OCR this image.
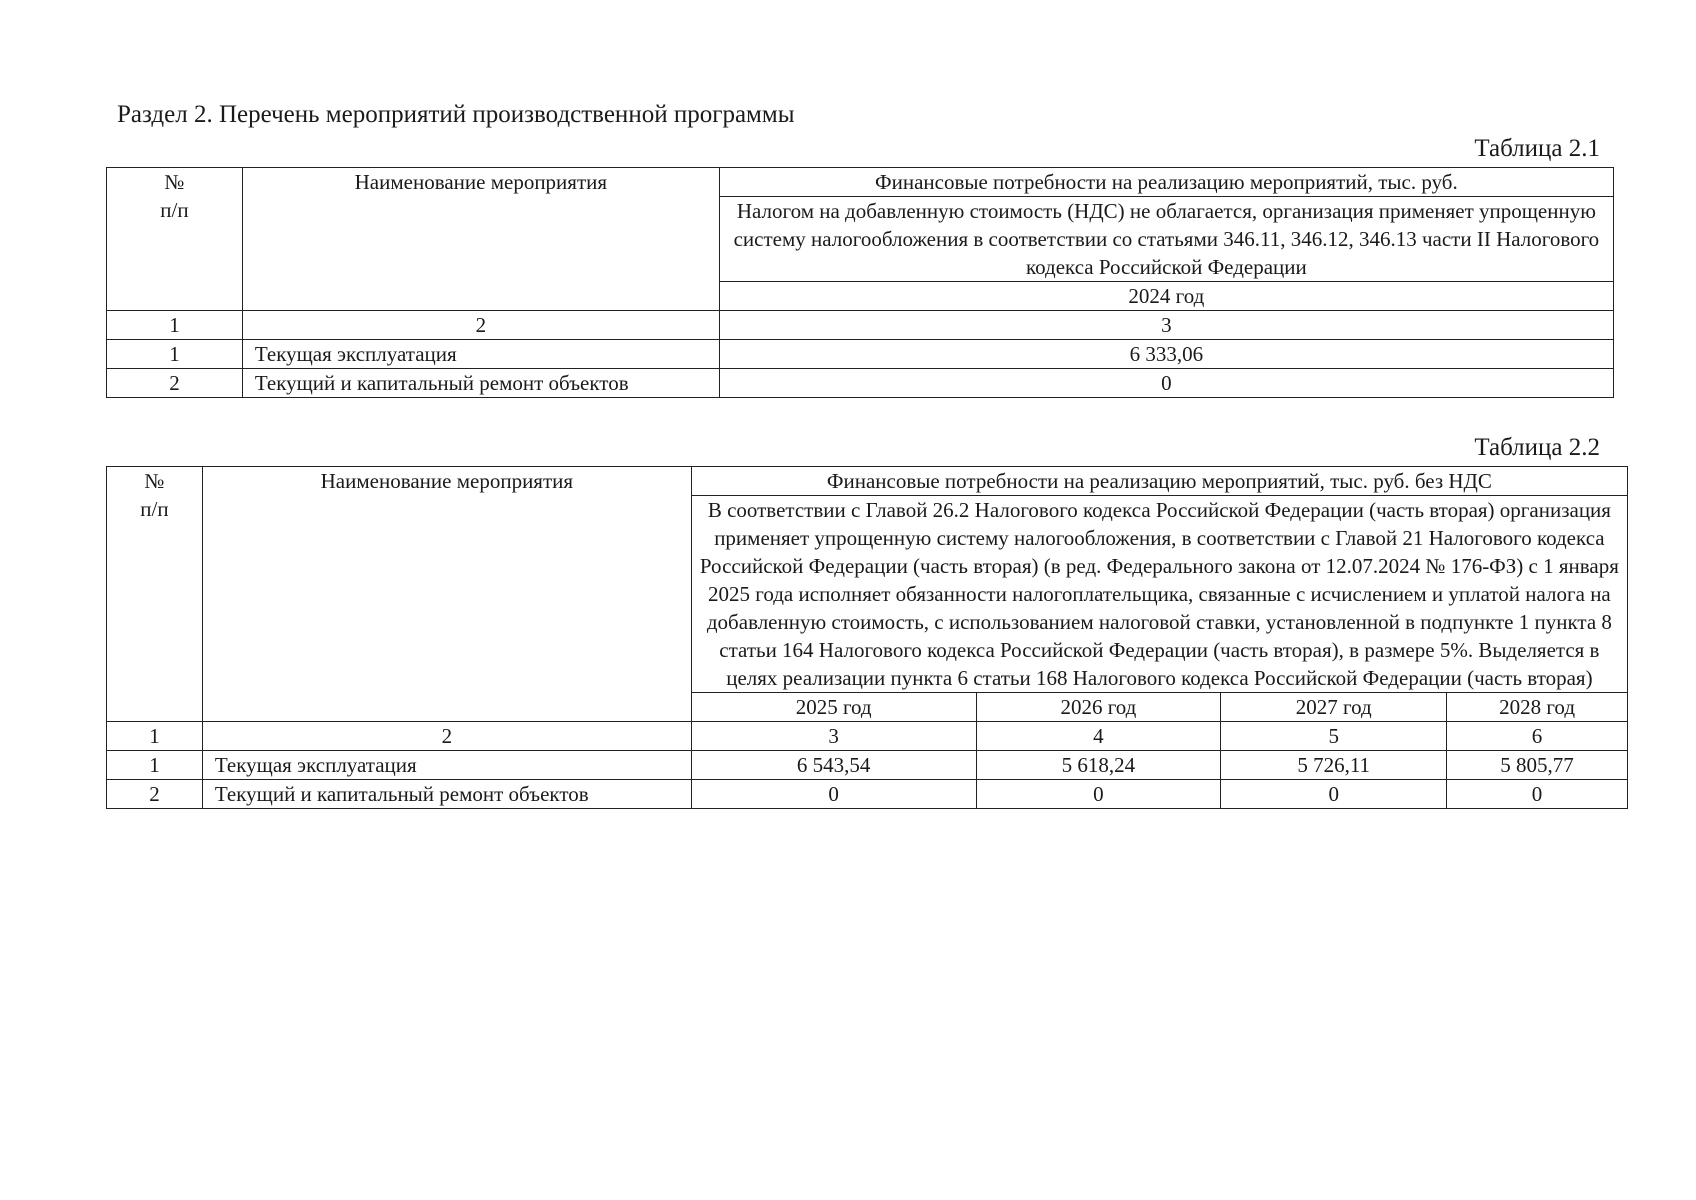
Раздел 2. Перечень мероприятий производственной программы

Таблица 2.1

№
п/п	Наименование мероприятия	Финансовые потребности на реализацию мероприятий, тыс. руб.
		Налогом на добавленную стоимость (НДС) не облагается, организация применяет упрощенную систему налогообложения в соответствии со статьями 346.11, 346.12, 346.13 части II Налогового кодекса Российской Федерации
		2024 год
1	2	3
1	Текущая эксплуатация	6 333,06
2	Текущий и капитальный ремонт объектов	0

Таблица 2.2

№
п/п	Наименование мероприятия	Финансовые потребности на реализацию мероприятий, тыс. руб. без НДС			
		В соответствии с Главой 26.2 Налогового кодекса Российской Федерации (часть вторая) организация применяет упрощенную систему налогообложения, в соответствии с Главой 21 Налогового кодекса Российской Федерации (часть вторая) (в ред. Федерального закона от 12.07.2024 № 176-ФЗ) с 1 января 2025 года исполняет обязанности налогоплательщика, связанные с исчислением и уплатой налога на добавленную стоимость, с использованием налоговой ставки, установленной в подпункте 1 пункта 8 статьи 164 Налогового кодекса Российской Федерации (часть вторая), в размере 5%. Выделяется в целях реализации пункта 6 статьи 168 Налогового кодекса Российской Федерации (часть вторая)			
		2025 год	2026 год	2027 год	2028 год
1	2	3	4	5	6
1	Текущая эксплуатация	6 543,54	5 618,24	5 726,11	5 805,77
2	Текущий и капитальный ремонт объектов	0	0	0	0
